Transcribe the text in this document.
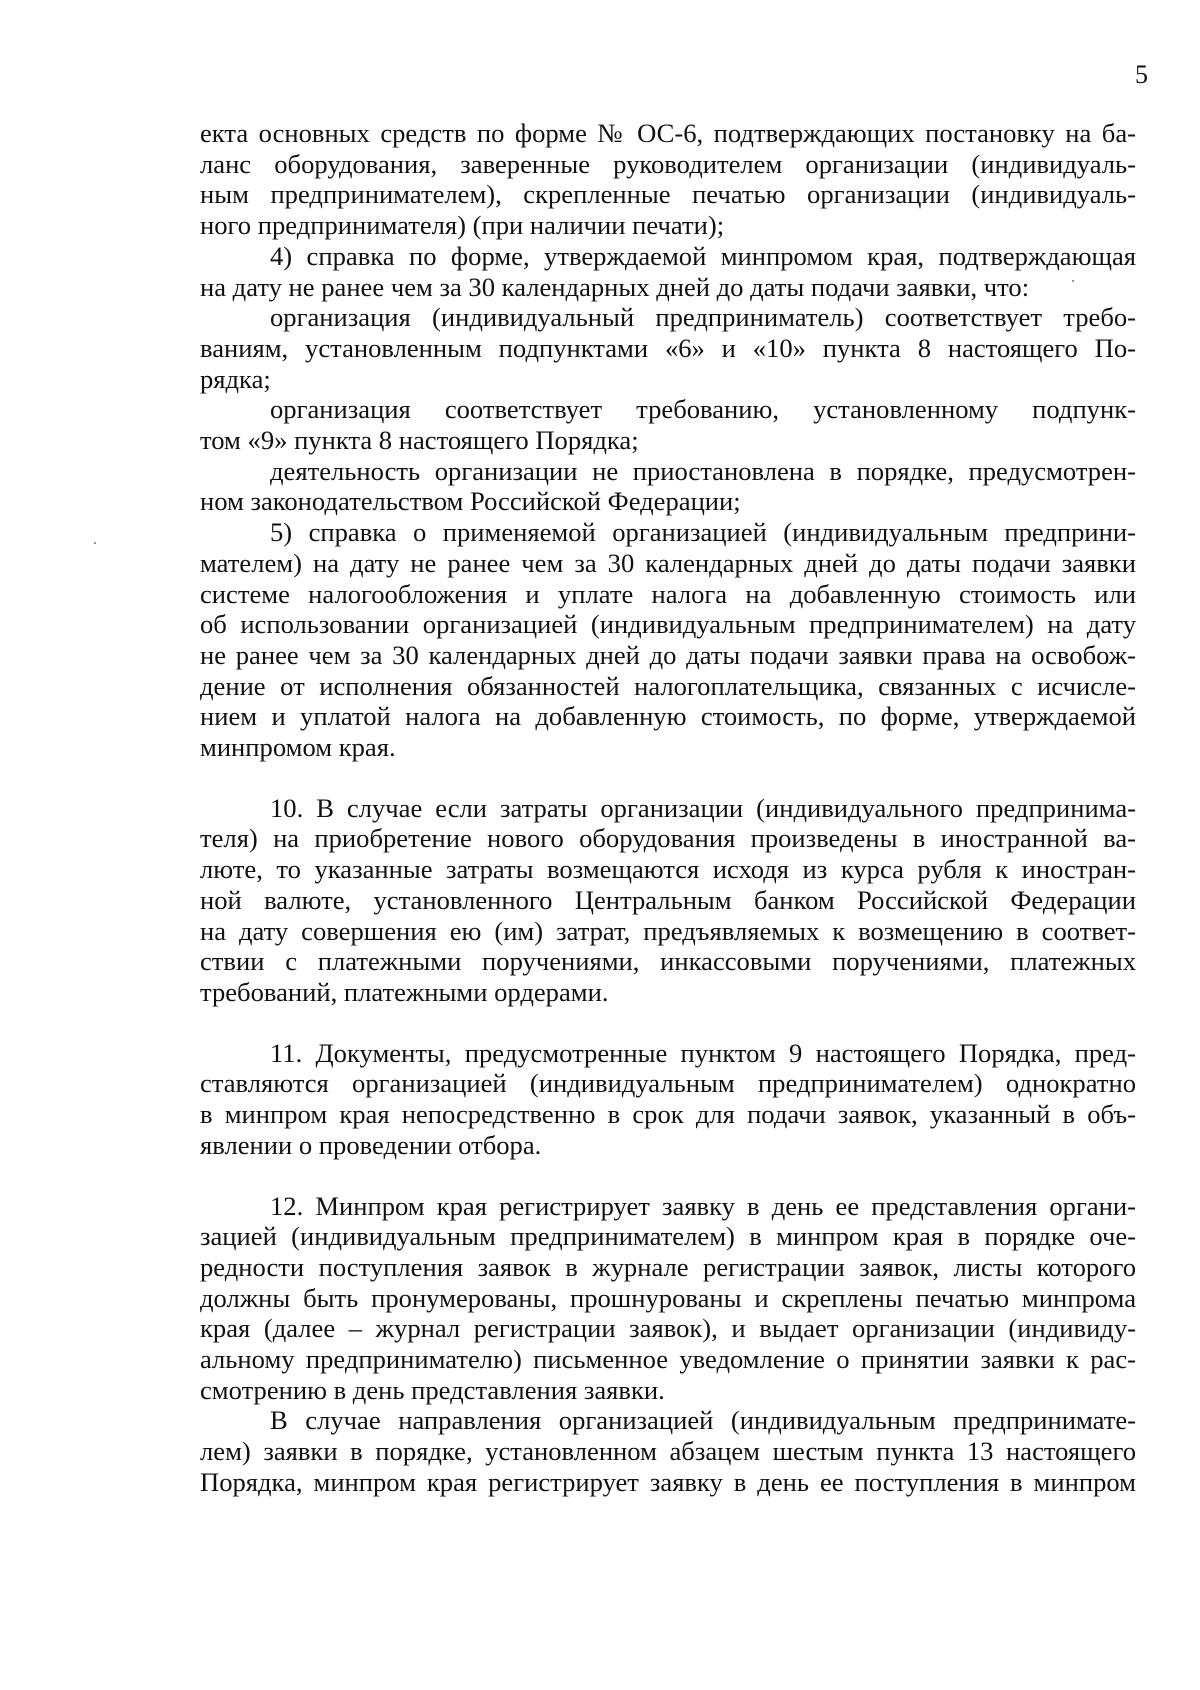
5

екта основных средств по форме № ОС-6, подтверждающих постановку на ба-
ланс оборудования, заверенные руководителем организации (индивидуаль-
ным предпринимателем), скрепленные печатью организации (индивидуаль-

ного предпринимателя) (при наличии печати);

4) справка по форме, утверждаемой минпромом края, подтверждающая

на дату не ранее чем за 30 календарных дней до даты подачи заявки, что:

организация (индивидуальный предприниматель) соответствует требо-
ваниям, установленным подпунктами «6» и «10» пункта 8 настоящего По-

рядка;

организация соответствует требованию, установленному подпунк-

том «9» пункта 8 настоящего Порядка;

деятельность организации не приостановлена в порядке, предусмотрен-

ном законодательством Российской Федерации;

5) справка о применяемой организацией (индивидуальным предприни-
мателем) на дату не ранее чем за 30 календарных дней до даты подачи заявки
системе налогообложения и уплате налога на добавленную стоимость или
об использовании организацией (индивидуальным предпринимателем) на дату
не ранее чем за 30 календарных дней до даты подачи заявки права на освобож-
дение от исполнения обязанностей налогоплательщика, связанных с исчисле-
нием и уплатой налога на добавленную стоимость, по форме, утверждаемой

минпромом края.

10. В случае если затраты организации (индивидуального предпринима-
теля) на приобретение нового оборудования произведены в иностранной ва-
люте, то указанные затраты возмещаются исходя из курса рубля к иностран-
ной валюте, установленного Центральным банком Российской Федерации
на дату совершения ею (им) затрат, предъявляемых к возмещению в соответ-
ствии с платежными поручениями, инкассовыми поручениями, платежных

требований, платежными ордерами.

11. Документы, предусмотренные пунктом 9 настоящего Порядка, пред-
ставляются организацией (индивидуальным предпринимателем) однократно
в минпром края непосредственно в срок для подачи заявок, указанный в объ-

явлении о проведении отбора.

12. Минпром края регистрирует заявку в день ее представления органи-
зацией (индивидуальным предпринимателем) в минпром края в порядке оче-
редности поступления заявок в журнале регистрации заявок, листы которого
должны быть пронумерованы, прошнурованы и скреплены печатью минпрома
края (далее – журнал регистрации заявок), и выдает организации (индивиду-
альному предпринимателю) письменное уведомление о принятии заявки к рас-

смотрению в день представления заявки.

В случае направления организацией (индивидуальным предпринимате-
лем) заявки в порядке, установленном абзацем шестым пункта 13 настоящего
Порядка, минпром края регистрирует заявку в день ее поступления в минпром
